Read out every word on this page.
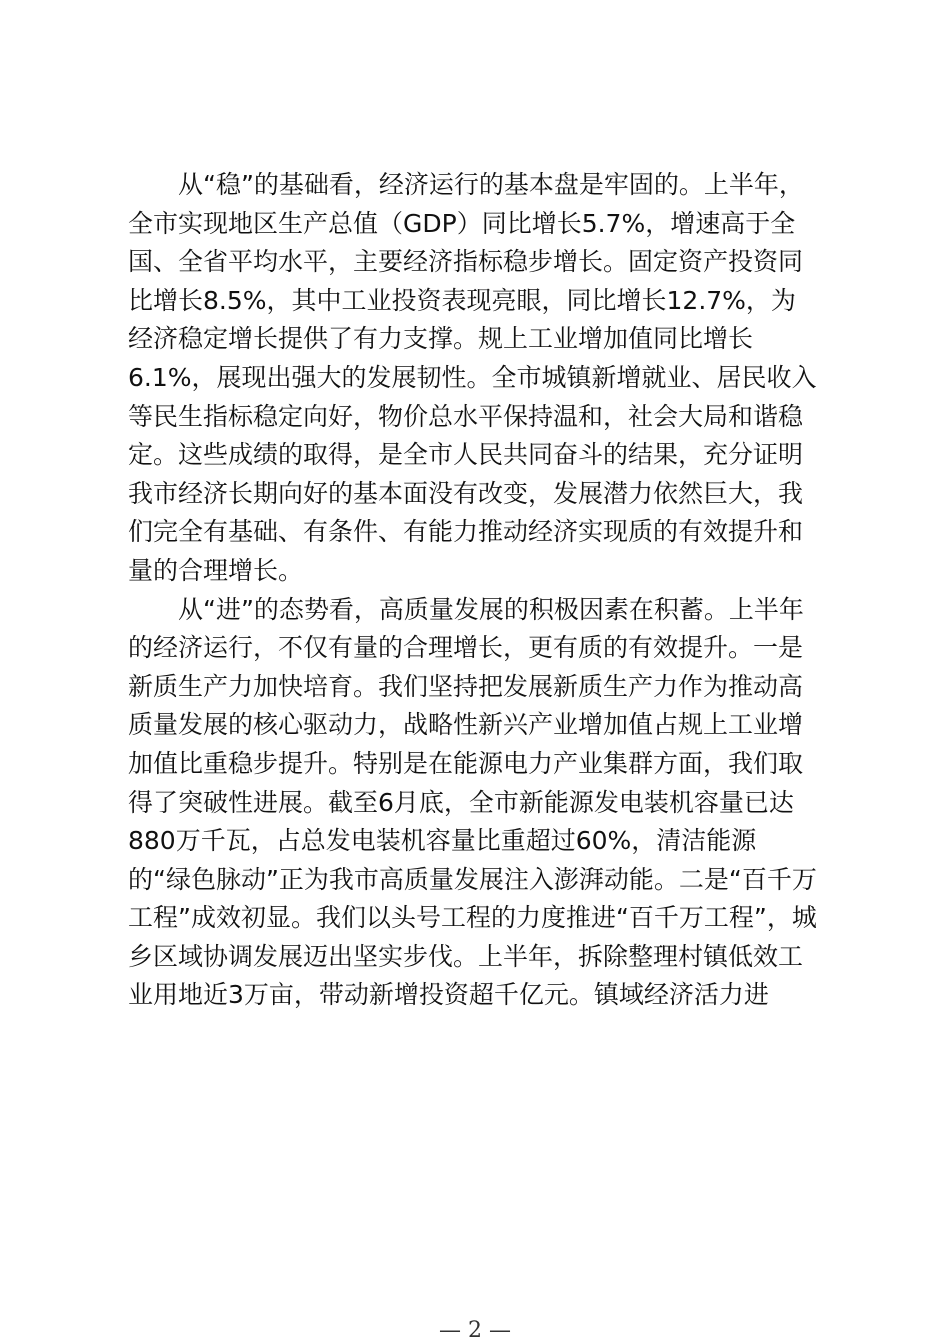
从“稳”的基础看，经济运行的基本盘是牢固的。上半年，
全市实现地区生产总值（GDP）同比增长5.7%，增速高于全
国、全省平均水平，主要经济指标稳步增长。固定资产投资同
比增长8.5%，其中工业投资表现亮眼，同比增长12.7%，为
经济稳定增长提供了有力支撑。规上工业增加值同比增长
6.1%，展现出强大的发展韧性。全市城镇新增就业、居民收入
等民生指标稳定向好，物价总水平保持温和，社会大局和谐稳
定。这些成绩的取得，是全市人民共同奋斗的结果，充分证明
我市经济长期向好的基本面没有改变，发展潜力依然巨大，我
们完全有基础、有条件、有能力推动经济实现质的有效提升和
量的合理增长。
从“进”的态势看，高质量发展的积极因素在积蓄。上半年
的经济运行，不仅有量的合理增长，更有质的有效提升。一是
新质生产力加快培育。我们坚持把发展新质生产力作为推动高
质量发展的核心驱动力，战略性新兴产业增加值占规上工业增
加值比重稳步提升。特别是在能源电力产业集群方面，我们取
得了突破性进展。截至6月底，全市新能源发电装机容量已达
880万千瓦，占总发电装机容量比重超过60%，清洁能源
的“绿色脉动”正为我市高质量发展注入澎湃动能。二是“百千万
工程”成效初显。我们以头号工程的力度推进“百千万工程”，城
乡区域协调发展迈出坚实步伐。上半年，拆除整理村镇低效工
业用地近3万亩，带动新增投资超千亿元。镇域经济活力进
— 2 —
